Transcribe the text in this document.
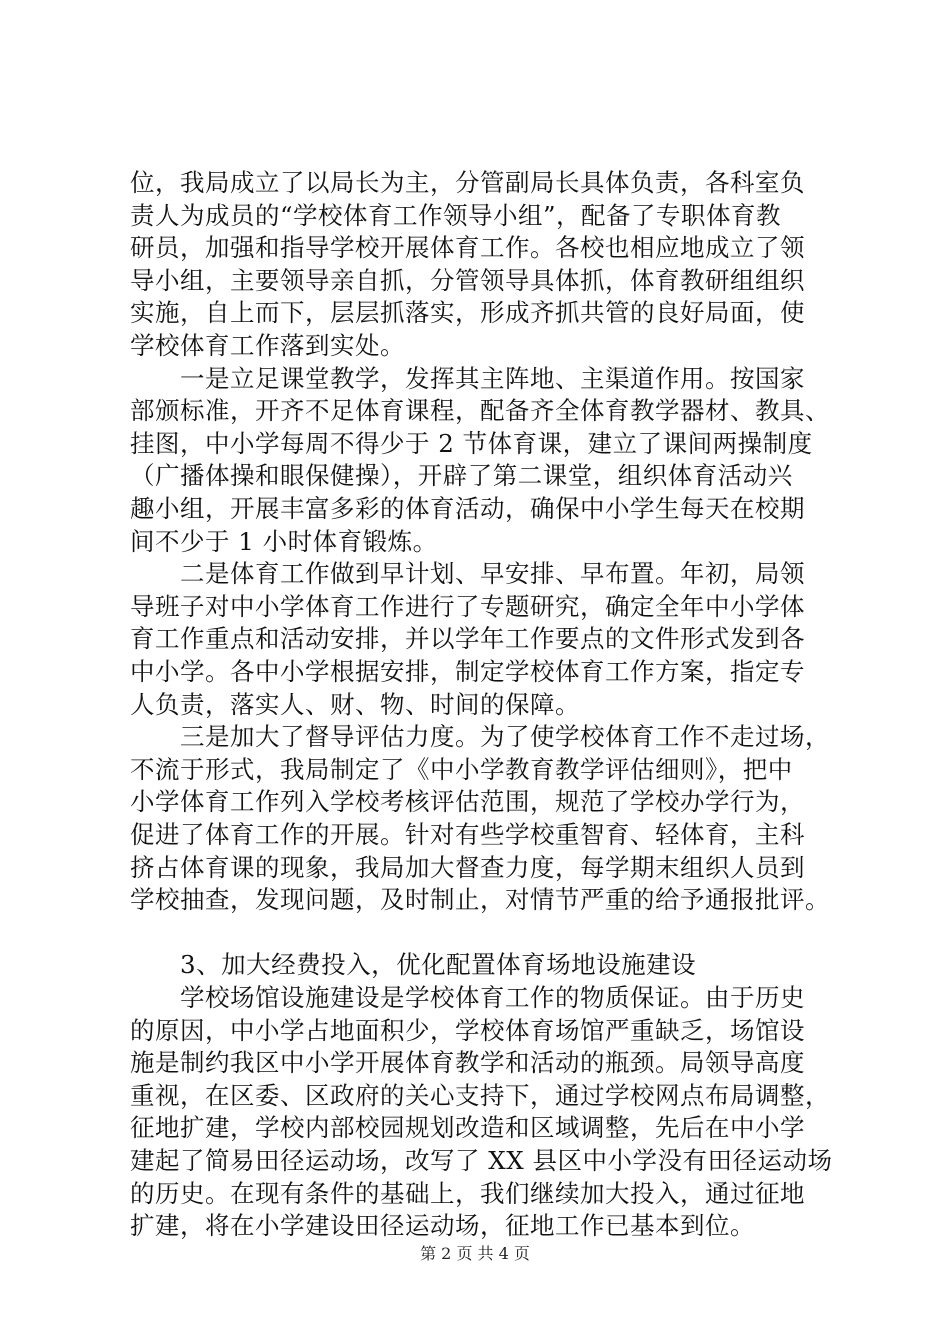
位，我局成立了以局长为主，分管副局长具体负责，各科室负
责人为成员的“学校体育工作领导小组”，配备了专职体育教
研员，加强和指导学校开展体育工作。各校也相应地成立了领
导小组，主要领导亲自抓，分管领导具体抓，体育教研组组织
实施，自上而下，层层抓落实，形成齐抓共管的良好局面，使
学校体育工作落到实处。
　　一是立足课堂教学，发挥其主阵地、主渠道作用。按国家
部颁标准，开齐不足体育课程，配备齐全体育教学器材、教具、
挂图，中小学每周不得少于 2 节体育课，建立了课间两操制度
（广播体操和眼保健操），开辟了第二课堂，组织体育活动兴
趣小组，开展丰富多彩的体育活动，确保中小学生每天在校期
间不少于 1 小时体育锻炼。
　　二是体育工作做到早计划、早安排、早布置。年初，局领
导班子对中小学体育工作进行了专题研究，确定全年中小学体
育工作重点和活动安排，并以学年工作要点的文件形式发到各
中小学。各中小学根据安排，制定学校体育工作方案，指定专
人负责，落实人、财、物、时间的保障。
　　三是加大了督导评估力度。为了使学校体育工作不走过场，
不流于形式，我局制定了《中小学教育教学评估细则》，把中
小学体育工作列入学校考核评估范围，规范了学校办学行为，
促进了体育工作的开展。针对有些学校重智育、轻体育，主科
挤占体育课的现象，我局加大督查力度，每学期末组织人员到
学校抽查，发现问题，及时制止，对情节严重的给予通报批评。
　　3、加大经费投入，优化配置体育场地设施建设
　　学校场馆设施建设是学校体育工作的物质保证。由于历史
的原因，中小学占地面积少，学校体育场馆严重缺乏，场馆设
施是制约我区中小学开展体育教学和活动的瓶颈。局领导高度
重视，在区委、区政府的关心支持下，通过学校网点布局调整，
征地扩建，学校内部校园规划改造和区域调整，先后在中小学
建起了简易田径运动场，改写了 XX 县区中小学没有田径运动场
的历史。在现有条件的基础上，我们继续加大投入，通过征地
扩建，将在小学建设田径运动场，征地工作已基本到位。
第 2 页 共 4 页
